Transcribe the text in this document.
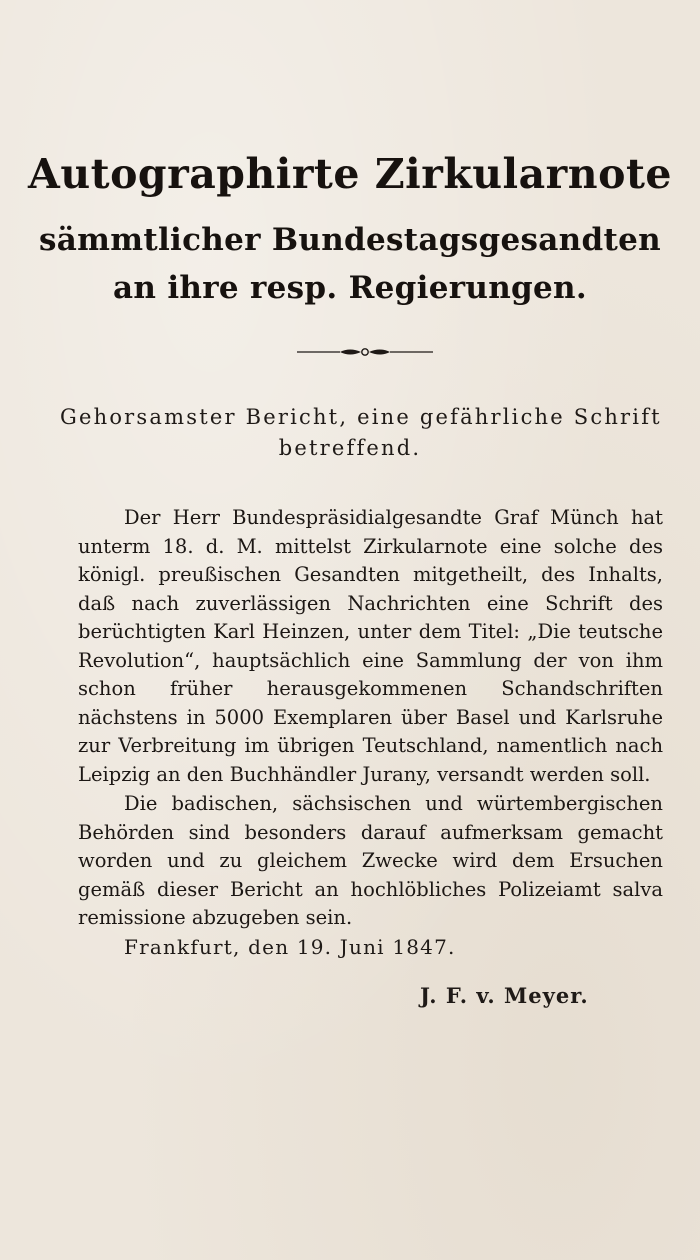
Autographirte Zirkularnote
sämmtlicher Bundestagsgesandten
an ihre resp. Regierungen.

Gehorsamster Bericht, eine gefährliche Schrift

betreffend.

Der Herr Bundespräsidialgesandte Graf Münch hat unterm 18. d. M. mittelst Zirkularnote eine solche des königl. preußischen Gesandten mitgetheilt, des Inhalts, daß nach zuverlässigen Nachrichten eine Schrift des berüchtigten Karl Heinzen, unter dem Titel: „Die teutsche Revolution“, hauptsächlich eine Sammlung der von ihm schon früher herausgekommenen Schandschriften nächstens in 5000 Exemplaren über Basel und Karlsruhe zur Verbreitung im übrigen Teutschland, namentlich nach Leipzig an den Buchhändler Jurany, versandt werden soll.

Die badischen, sächsischen und würtembergischen Behörden sind besonders darauf aufmerksam gemacht worden und zu gleichem Zwecke wird dem Ersuchen gemäß dieser Bericht an hochlöbliches Polizeiamt salva remissione abzugeben sein.

Frankfurt, den 19. Juni 1847.

J. F. v. Meyer.
